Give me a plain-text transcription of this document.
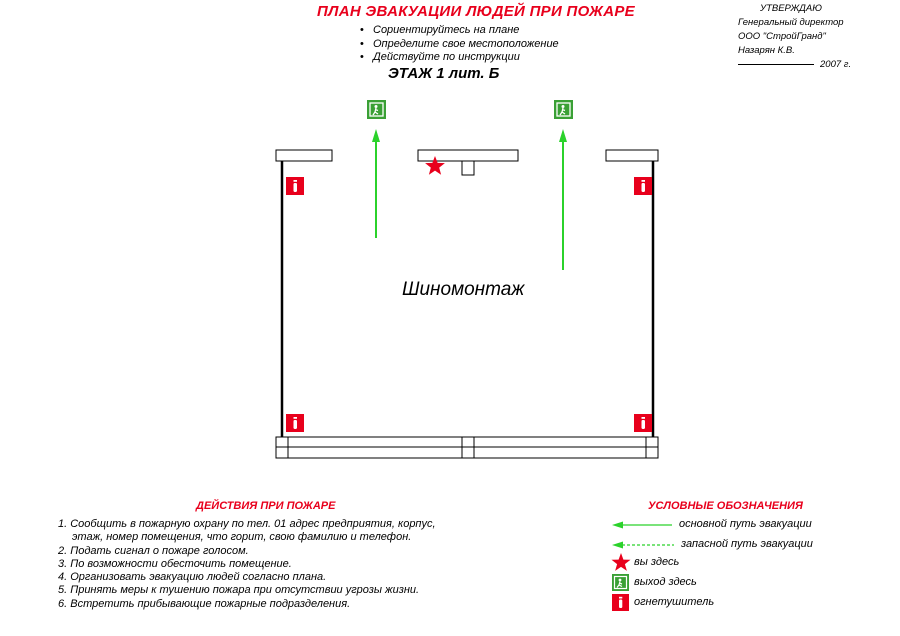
ПЛАН ЭВАКУАЦИИ ЛЮДЕЙ ПРИ ПОЖАРЕ
• Сориентируйтесь на плане
• Определите свое местоположение
• Действуйте по инструкции
ЭТАЖ 1 лит. Б
УТВЕРЖДАЮ
Генеральный директор
ООО "СтройГранд"
Назарян К.В.
2007 г.
Шиномонтаж
ДЕЙСТВИЯ ПРИ ПОЖАРЕ
1. Сообщить в пожарную охрану по тел. 01 адрес предприятия, корпус,
этаж, номер помещения, что горит, свою фамилию и телефон.
2. Подать сигнал о пожаре голосом.
3. По возможности обесточить помещение.
4. Организовать эвакуацию людей согласно плана.
5. Принять меры к тушению пожара при отсутствии угрозы жизни.
6. Встретить прибывающие пожарные подразделения.
УСЛОВНЫЕ ОБОЗНАЧЕНИЯ
основной путь эвакуации
запасной путь эвакуации
вы здесь
выход здесь
огнетушитель
